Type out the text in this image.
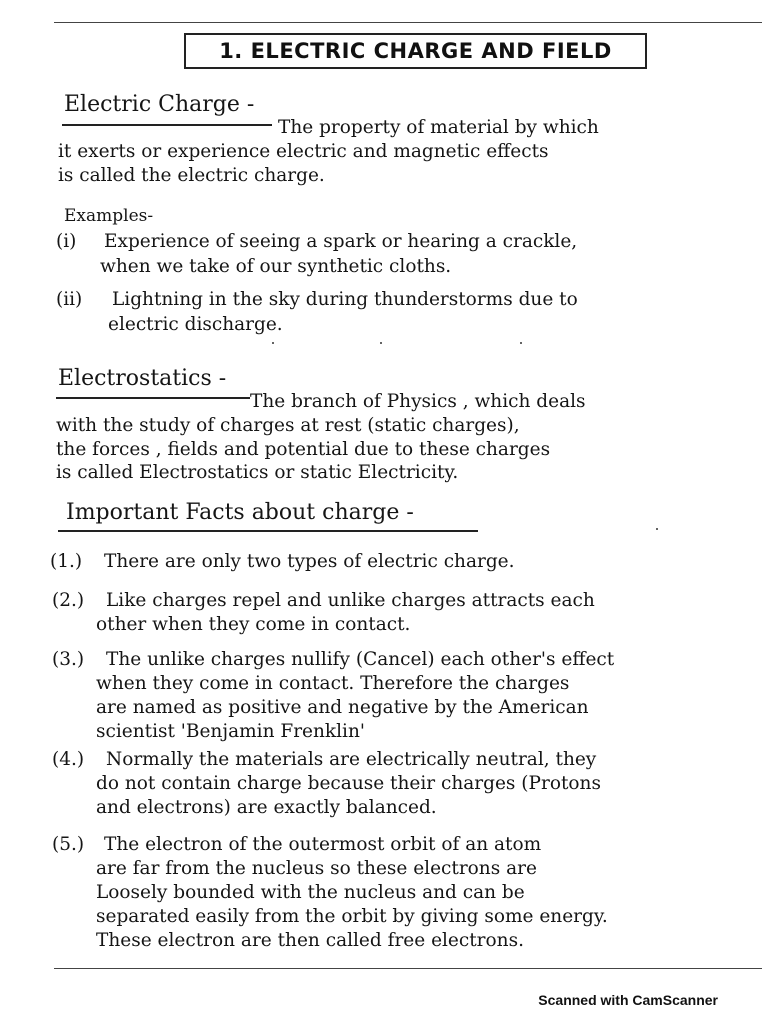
1. ELECTRIC CHARGE AND FIELD
Electric Charge -
The property of material by which
it exerts or experience electric and magnetic effects
is called the electric charge.
Examples-
(i) Experience of seeing a spark or hearing a crackle,
when we take of our synthetic cloths.
(ii) Lightning in the sky during thunderstorms due to
electric discharge.
Electrostatics -
The branch of Physics , which deals
with the study of charges at rest (static charges),
the forces , fields and potential due to these charges
is called Electrostatics or static Electricity.
Important Facts about charge -
(1.) There are only two types of electric charge.
(2.) Like charges repel and unlike charges attracts each
other when they come in contact.
(3.) The unlike charges nullify (Cancel) each other's effect
when they come in contact. Therefore the charges
are named as positive and negative by the American
scientist 'Benjamin Frenklin'
(4.) Normally the materials are electrically neutral, they
do not contain charge because their charges (Protons
and electrons) are exactly balanced.
(5.) The electron of the outermost orbit of an atom
are far from the nucleus so these electrons are
Loosely bounded with the nucleus and can be
separated easily from the orbit by giving some energy.
These electron are then called free electrons.
Scanned with CamScanner
